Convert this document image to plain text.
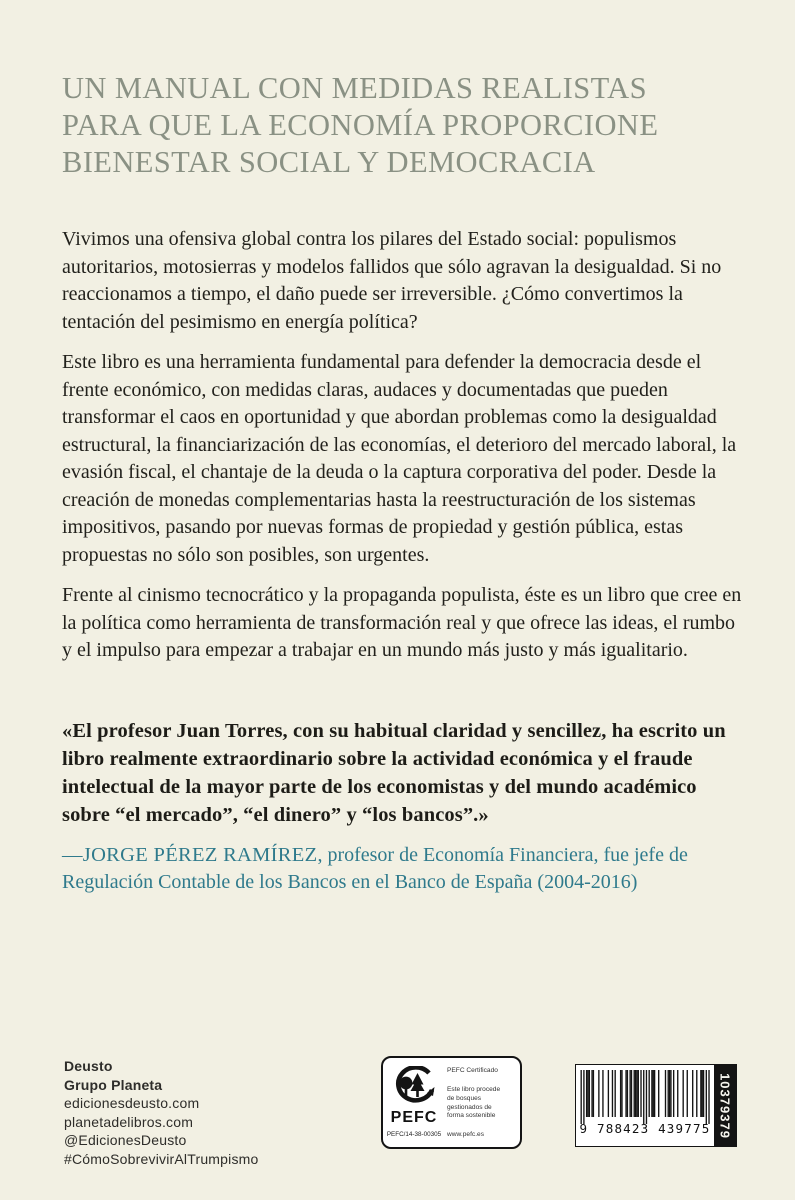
UN MANUAL CON MEDIDAS REALISTAS
PARA QUE LA ECONOMÍA PROPORCIONE
BIENESTAR SOCIAL Y DEMOCRACIA

Vivimos una ofensiva global contra los pilares del Estado social: populismos autoritarios, motosierras y modelos fallidos que sólo agravan la desigualdad. Si no reaccionamos a tiempo, el daño puede ser irreversible. ¿Cómo convertimos la tentación del pesimismo en energía política?

Este libro es una herramienta fundamental para defender la democracia desde el frente económico, con medidas claras, audaces y documentadas que pueden transformar el caos en oportunidad y que abordan problemas como la desigualdad estructural, la financiarización de las economías, el deterioro del mercado laboral, la evasión fiscal, el chantaje de la deuda o la captura corporativa del poder. Desde la creación de monedas complementarias hasta la reestructuración de los sistemas impositivos, pasando por nuevas formas de propiedad y gestión pública, estas propuestas no sólo son posibles, son urgentes.

Frente al cinismo tecnocrático y la propaganda populista, éste es un libro que cree en la política como herramienta de transformación real y que ofrece las ideas, el rumbo y el impulso para empezar a trabajar en un mundo más justo y más igualitario.

«El profesor Juan Torres, con su habitual claridad y sencillez, ha escrito un libro realmente extraordinario sobre la actividad económica y el fraude intelectual de la mayor parte de los economistas y del mundo académico sobre “el mercado”, “el dinero” y “los bancos”.»
—JORGE PÉREZ RAMÍREZ, profesor de Economía Financiera, fue jefe de Regulación Contable de los Bancos en el Banco de España (2004-2016)
Deusto
Grupo Planeta
edicionesdeusto.com
planetadelibros.com
@EdicionesDeusto
#CómoSobrevivirAlTrumpismo
PEFC
PEFC/14-38-00305
PEFC Certificado
Este libro procede de bosques gestionados de forma sostenible
www.pefc.es	9 788423 439775 10379379
